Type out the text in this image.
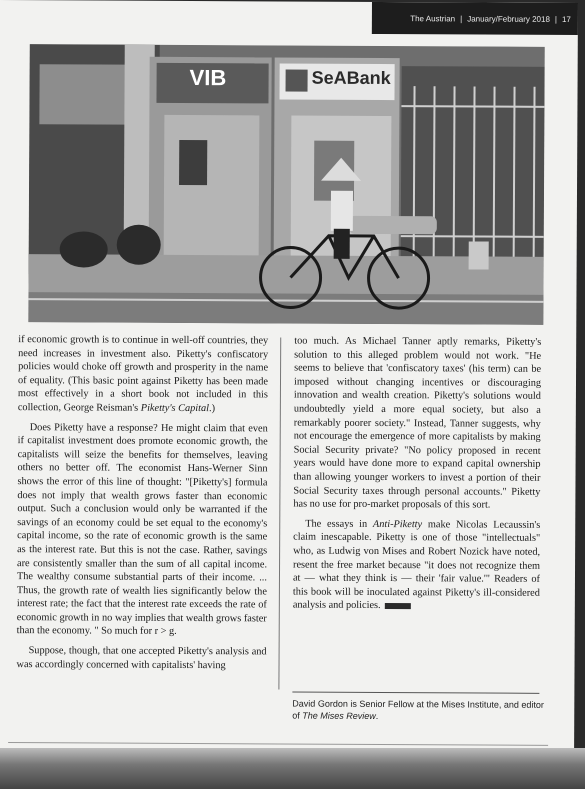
The Austrian | January/February 2018 | 17
VIB	SeABank

if economic growth is to continue in well-off countries, they need increases in investment also. Piketty's confiscatory policies would choke off growth and prosperity in the name of equality. (This basic point against Piketty has been made most effectively in a short book not included in this collection, George Reisman's Piketty's Capital.)

Does Piketty have a response? He might claim that even if capitalist investment does promote economic growth, the capitalists will seize the benefits for themselves, leaving others no better off. The economist Hans-Werner Sinn shows the error of this line of thought: "[Piketty's] formula does not imply that wealth grows faster than economic output. Such a conclusion would only be warranted if the savings of an economy could be set equal to the economy's capital income, so the rate of economic growth is the same as the interest rate. But this is not the case. Rather, savings are consistently smaller than the sum of all capital income. The wealthy consume substantial parts of their income. ... Thus, the growth rate of wealth lies significantly below the interest rate; the fact that the interest rate exceeds the rate of economic growth in no way implies that wealth grows faster than the economy. " So much for r > g.

Suppose, though, that one accepted Piketty's analysis and was accordingly concerned with capitalists' having

too much. As Michael Tanner aptly remarks, Piketty's solution to this alleged problem would not work. "He seems to believe that 'confiscatory taxes' (his term) can be imposed without changing incentives or discouraging innovation and wealth creation. Piketty's solutions would undoubtedly yield a more equal society, but also a remarkably poorer society." Instead, Tanner suggests, why not encourage the emergence of more capitalists by making Social Security private? "No policy proposed in recent years would have done more to expand capital ownership than allowing younger workers to invest a portion of their Social Security taxes through personal accounts." Piketty has no use for pro-market proposals of this sort.

The essays in Anti-Piketty make Nicolas Lecaussin's claim inescapable. Piketty is one of those "intellectuals" who, as Ludwig von Mises and Robert Nozick have noted, resent the free market because "it does not recognize them at — what they think is — their 'fair value.'" Readers of this book will be inoculated against Piketty's ill-considered analysis and policies.

David Gordon is Senior Fellow at the Mises Institute, and editor of The Mises Review.
